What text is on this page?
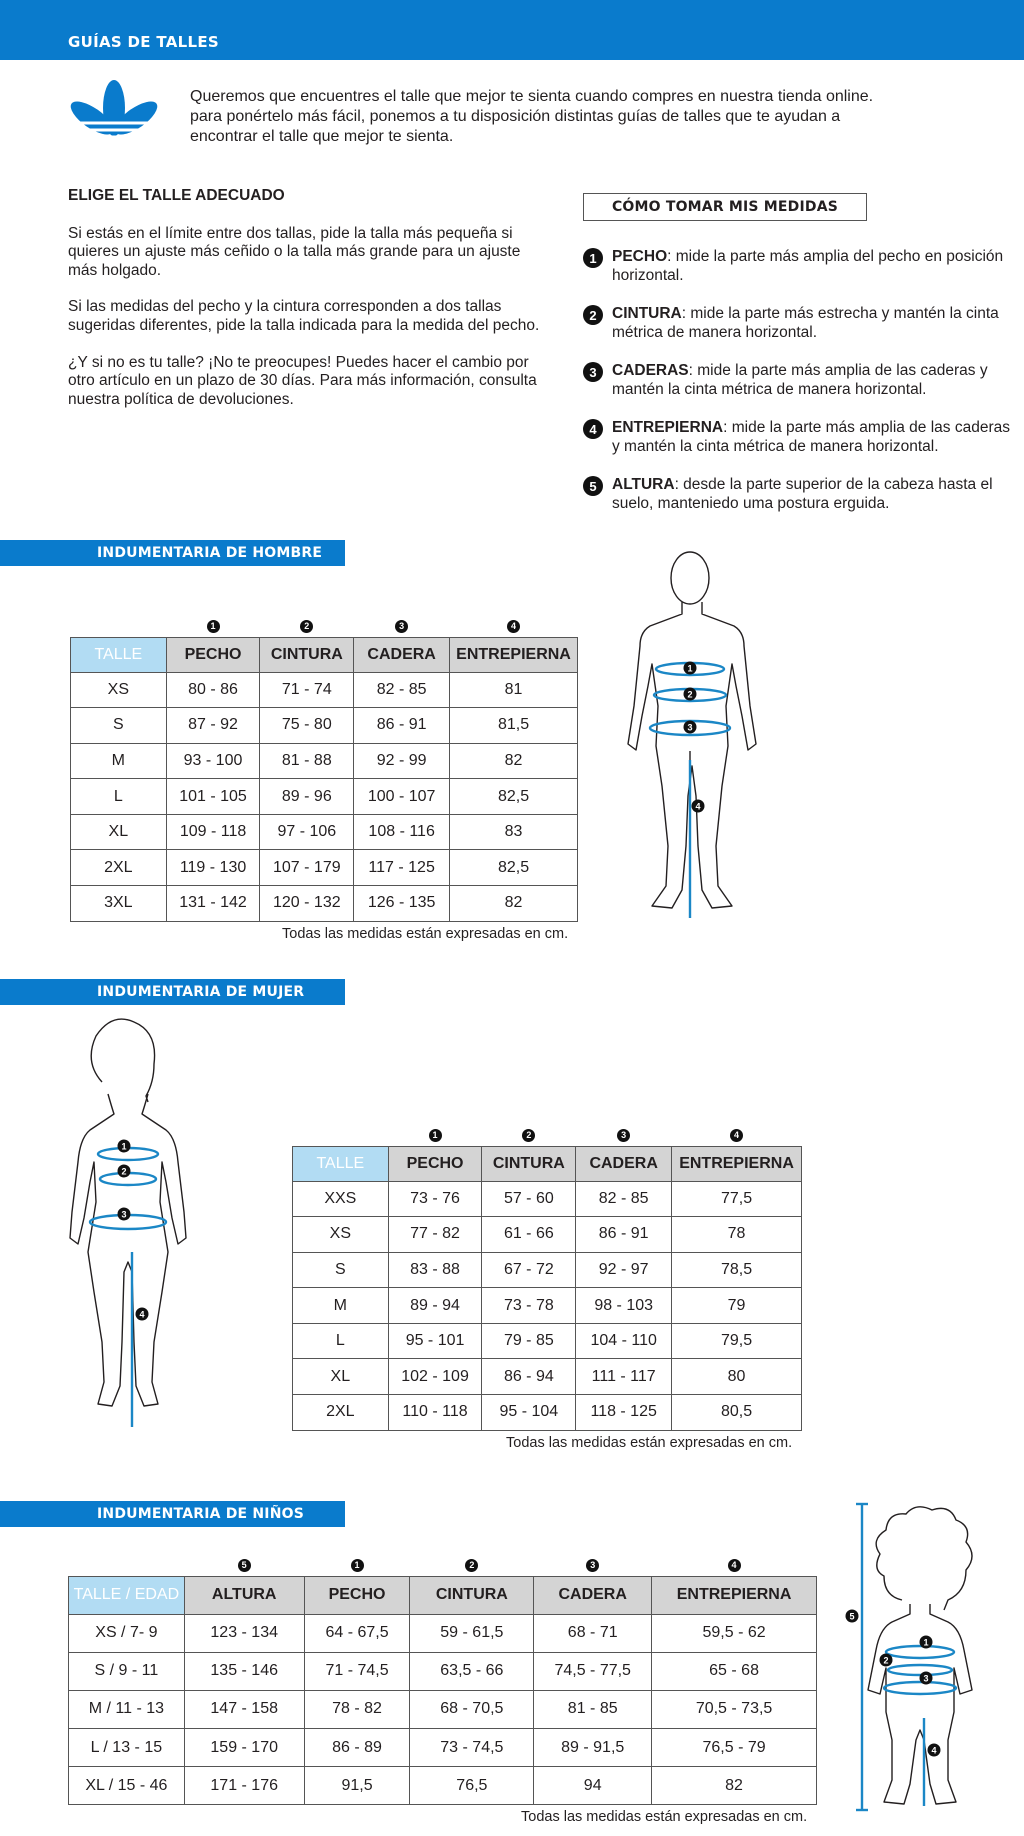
GUÍAS DE TALLES

Queremos que encuentres el talle que mejor te sienta cuando compres en nuestra tienda online.

para ponértelo más fácil, ponemos a tu disposición distintas guías de talles que te ayudan a

encontrar el talle que mejor te sienta.

ELIGE EL TALLE ADECUADO

Si estás en el límite entre dos tallas, pide la talla más pequeña si quieres un ajuste más ceñido o la talla más grande para un ajuste más holgado.

Si las medidas del pecho y la cintura corresponden a dos tallas sugeridas diferentes, pide la talla indicada para la medida del pecho.

¿Y si no es tu talle? ¡No te preocupes! Puedes hacer el cambio por otro artículo en un plazo de 30 días. Para más información, consulta nuestra política de devoluciones.

CÓMO TOMAR MIS MEDIDAS
1 PECHO: mide la parte más amplia del pecho en posición horizontal.
2 CINTURA: mide la parte más estrecha y mantén la cinta métrica de manera horizontal.
3 CADERAS: mide la parte más amplia de las caderas y mantén la cinta métrica de manera horizontal.
4 ENTREPIERNA: mide la parte más amplia de las caderas y mantén la cinta métrica de manera horizontal.
5 ALTURA: desde la parte superior de la cabeza hasta el suelo, manteniedo uma postura erguida.
INDUMENTARIA DE HOMBRE
	1	2	3	4
TALLE	PECHO	CINTURA	CADERA	ENTREPIERNA
XS	80 - 86	71 - 74	82 - 85	81
S	87 - 92	75 - 80	86 - 91	81,5
M	93 - 100	81 - 88	92 - 99	82
L	101 - 105	89 - 96	100 - 107	82,5
XL	109 - 118	97 - 106	108 - 116	83
2XL	119 - 130	107 - 179	117 - 125	82,5
3XL	131 - 142	120 - 132	126 - 135	82
Todas las medidas están expresadas en cm.
1
2
3
4
INDUMENTARIA DE MUJER
1
2
3
4
	1	2	3	4
TALLE	PECHO	CINTURA	CADERA	ENTREPIERNA
XXS	73 - 76	57 - 60	82 - 85	77,5
XS	77 - 82	61 - 66	86 - 91	78
S	83 - 88	67 - 72	92 - 97	78,5
M	89 - 94	73 - 78	98 - 103	79
L	95 - 101	79 - 85	104 - 110	79,5
XL	102 - 109	86 - 94	111 - 117	80
2XL	110 - 118	95 - 104	118 - 125	80,5
Todas las medidas están expresadas en cm.
INDUMENTARIA DE NIÑOS
	5	1	2	3	4
TALLE / EDAD	ALTURA	PECHO	CINTURA	CADERA	ENTREPIERNA
XS / 7- 9	123 - 134	64 - 67,5	59 - 61,5	68 - 71	59,5 - 62
S / 9 - 11	135 - 146	71 - 74,5	63,5 - 66	74,5 - 77,5	65 - 68
M / 11 - 13	147 - 158	78 - 82	68 - 70,5	81 - 85	70,5 - 73,5
L / 13 - 15	159 - 170	86 - 89	73 - 74,5	89 - 91,5	76,5 - 79
XL / 15 - 46	171 - 176	91,5	76,5	94	82
Todas las medidas están expresadas en cm.
5
1
2
3
4
